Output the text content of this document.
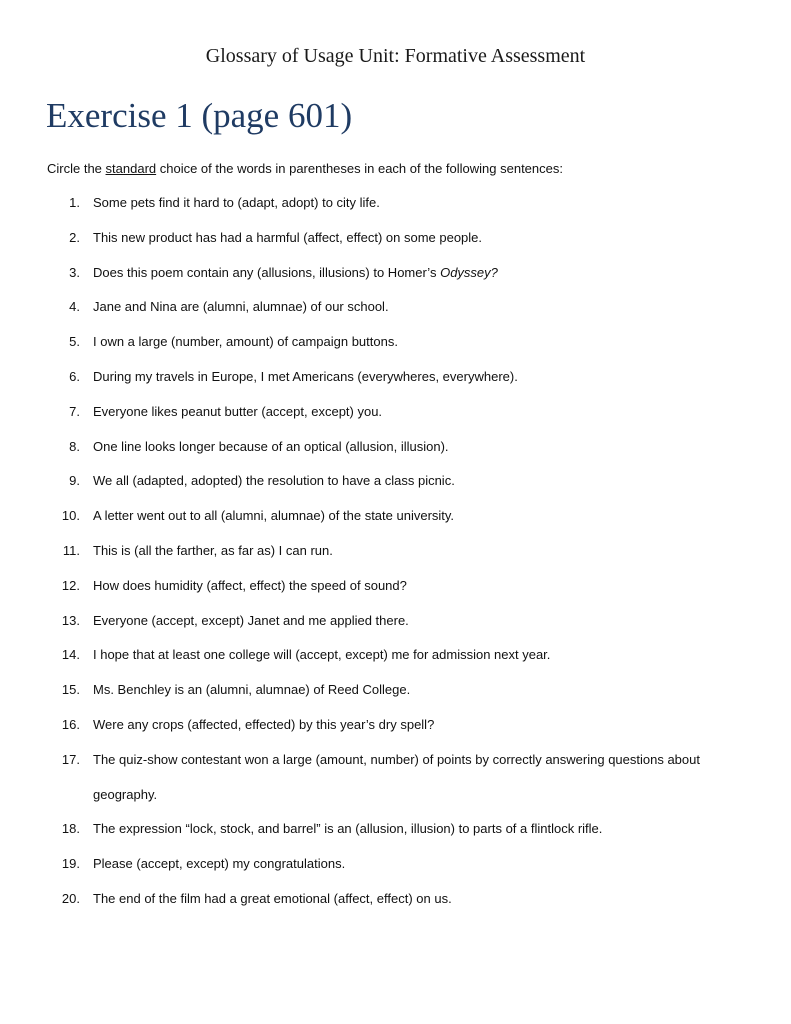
Glossary of Usage Unit: Formative Assessment
Exercise 1 (page 601)
Circle the standard choice of the words in parentheses in each of the following sentences:
1. Some pets find it hard to (adapt, adopt) to city life.
2. This new product has had a harmful (affect, effect) on some people.
3. Does this poem contain any (allusions, illusions) to Homer’s Odyssey?
4. Jane and Nina are (alumni, alumnae) of our school.
5. I own a large (number, amount) of campaign buttons.
6. During my travels in Europe, I met Americans (everywheres, everywhere).
7. Everyone likes peanut butter (accept, except) you.
8. One line looks longer because of an optical (allusion, illusion).
9. We all (adapted, adopted) the resolution to have a class picnic.
10. A letter went out to all (alumni, alumnae) of the state university.
11. This is (all the farther, as far as) I can run.
12. How does humidity (affect, effect) the speed of sound?
13. Everyone (accept, except) Janet and me applied there.
14. I hope that at least one college will (accept, except) me for admission next year.
15. Ms. Benchley is an (alumni, alumnae) of Reed College.
16. Were any crops (affected, effected) by this year’s dry spell?
17. The quiz-show contestant won a large (amount, number) of points by correctly answering questions about geography.
18. The expression “lock, stock, and barrel” is an (allusion, illusion) to parts of a flintlock rifle.
19. Please (accept, except) my congratulations.
20. The end of the film had a great emotional (affect, effect) on us.
